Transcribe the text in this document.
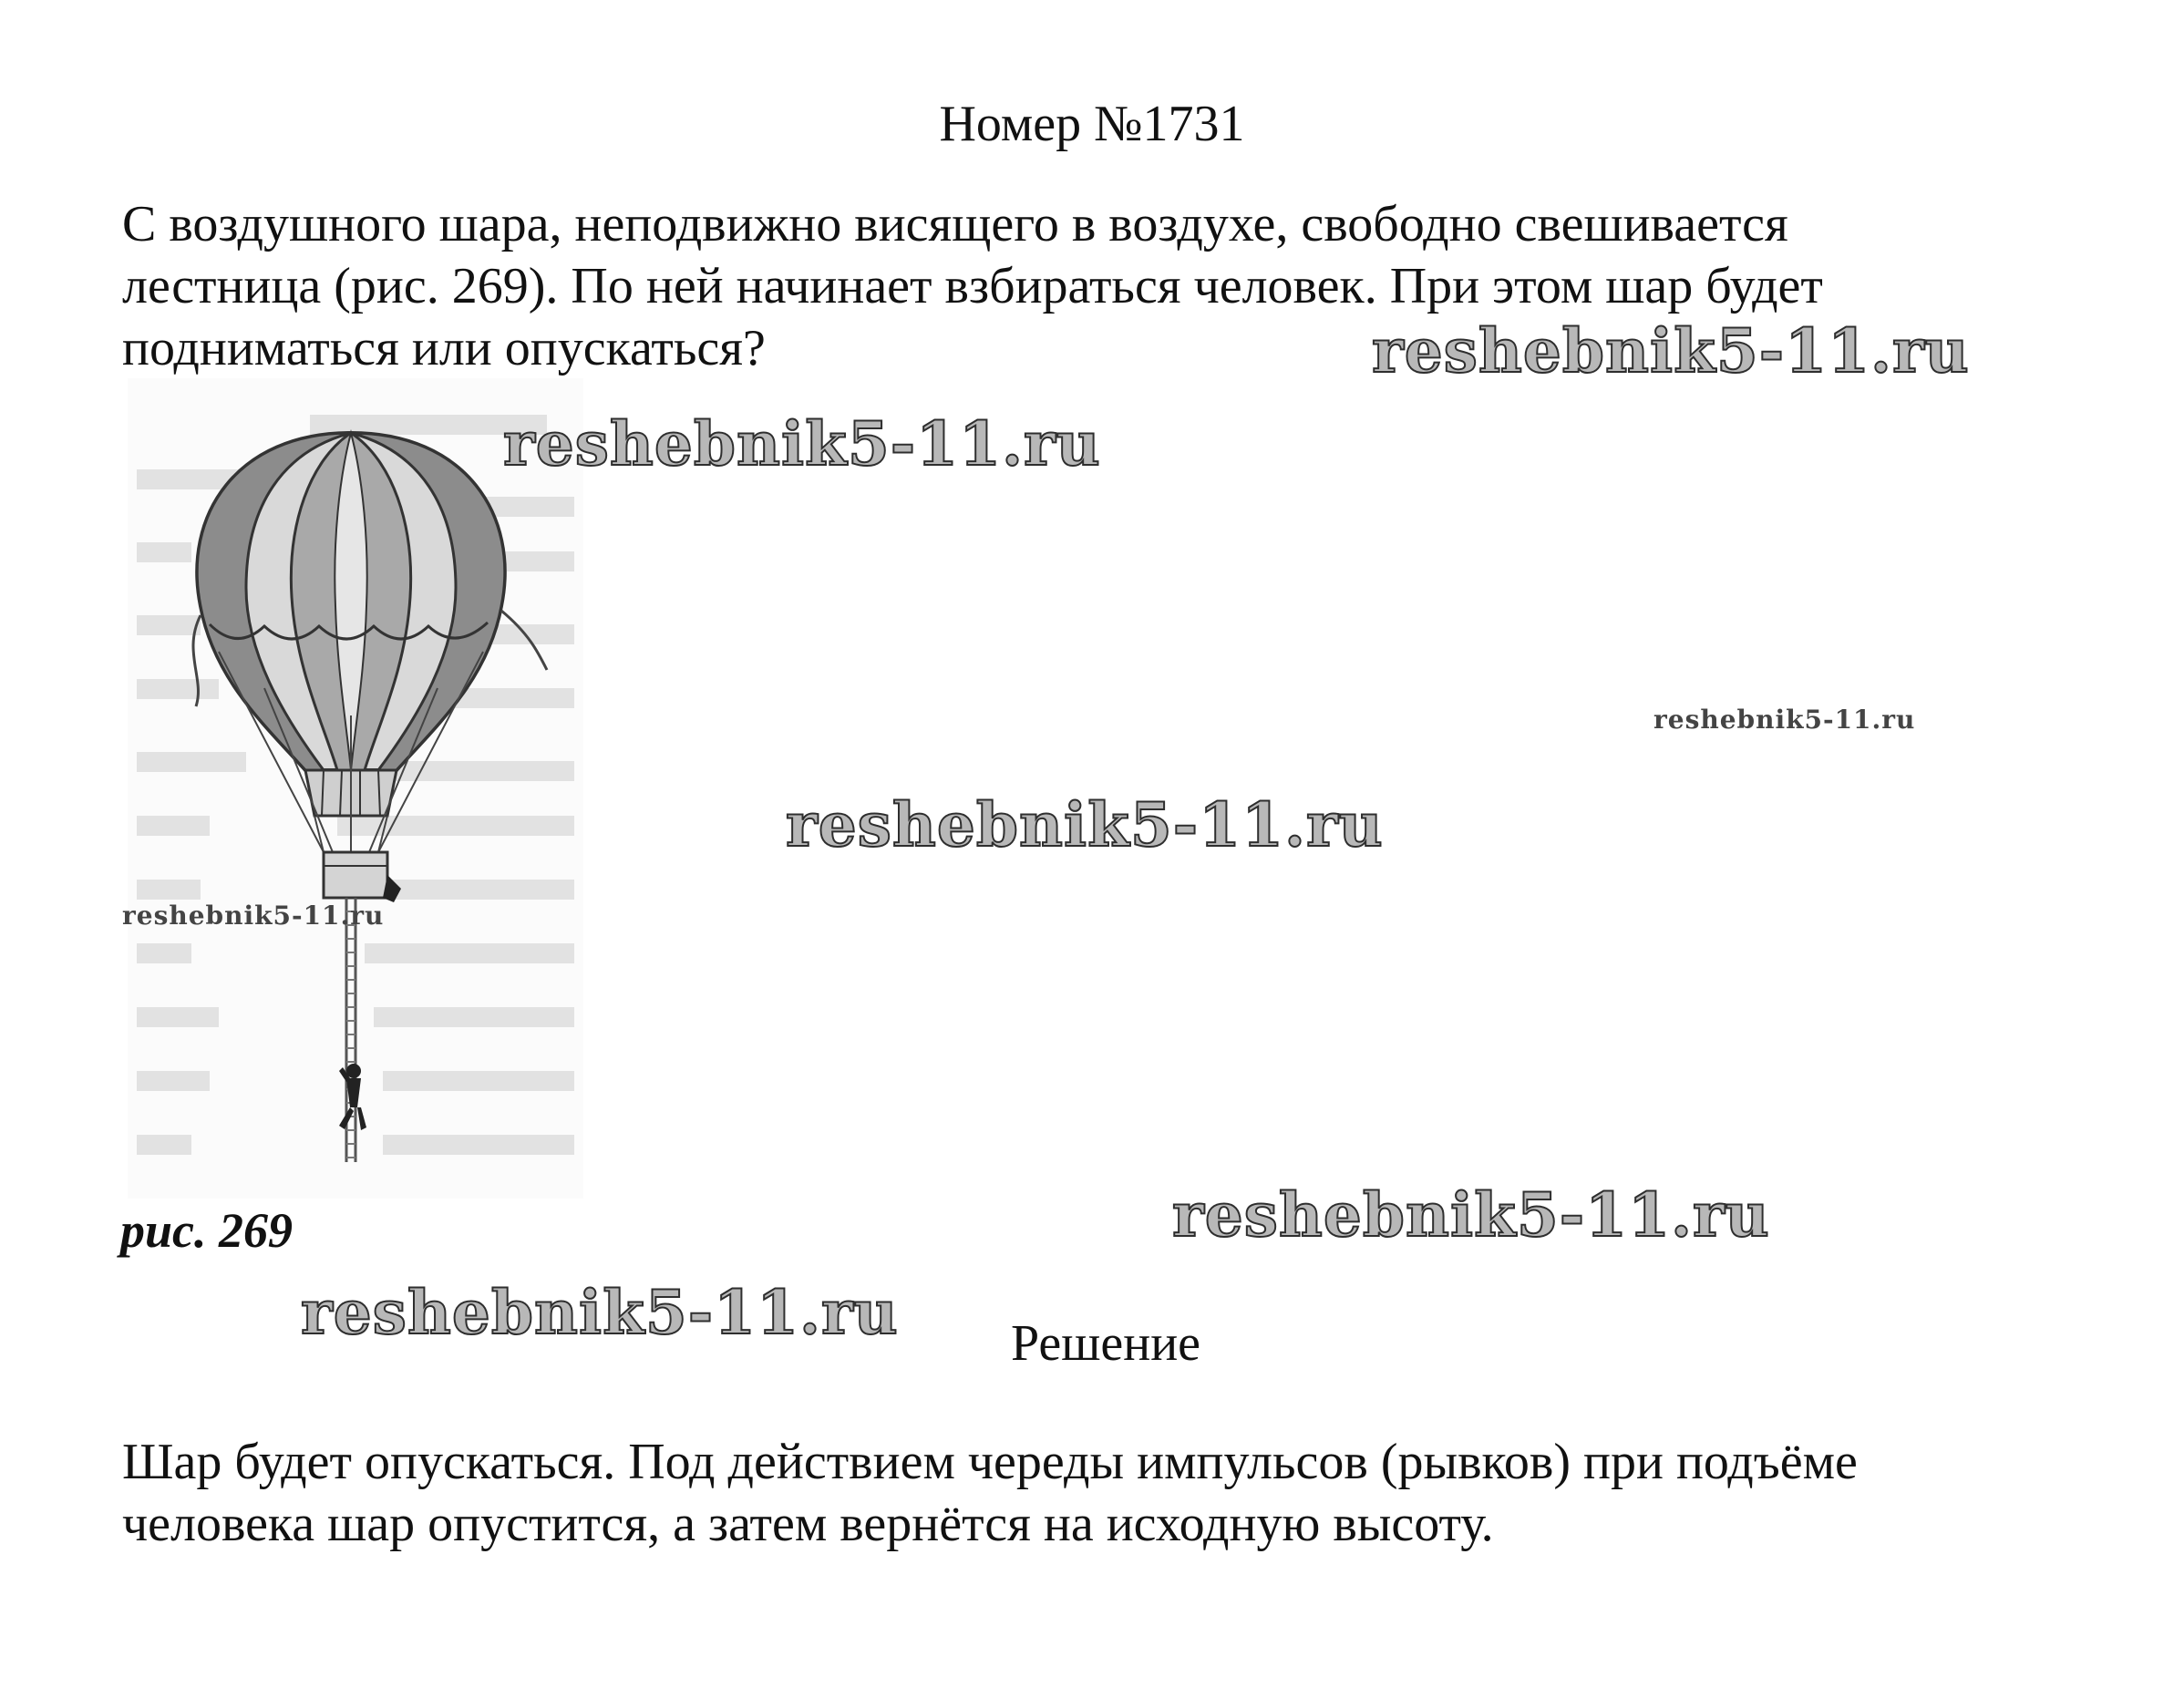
Номер №1731

С воздушного шара, неподвижно висящего в воздухе, свободно свешивается

лестница (рис. 269). По ней начинает взбираться человек. При этом шар будет

подниматься или опускаться?

рис. 269
Решение

Шар будет опускаться. Под действием череды импульсов (рывков) при подъёме

человека шар опустится, а затем вернётся на исходную высоту.

reshebnik5-11.ru
reshebnik5-11.ru
reshebnik5-11.ru
reshebnik5-11.ru
reshebnik5-11.ru
reshebnik5-11.ru
reshebnik5-11.ru
